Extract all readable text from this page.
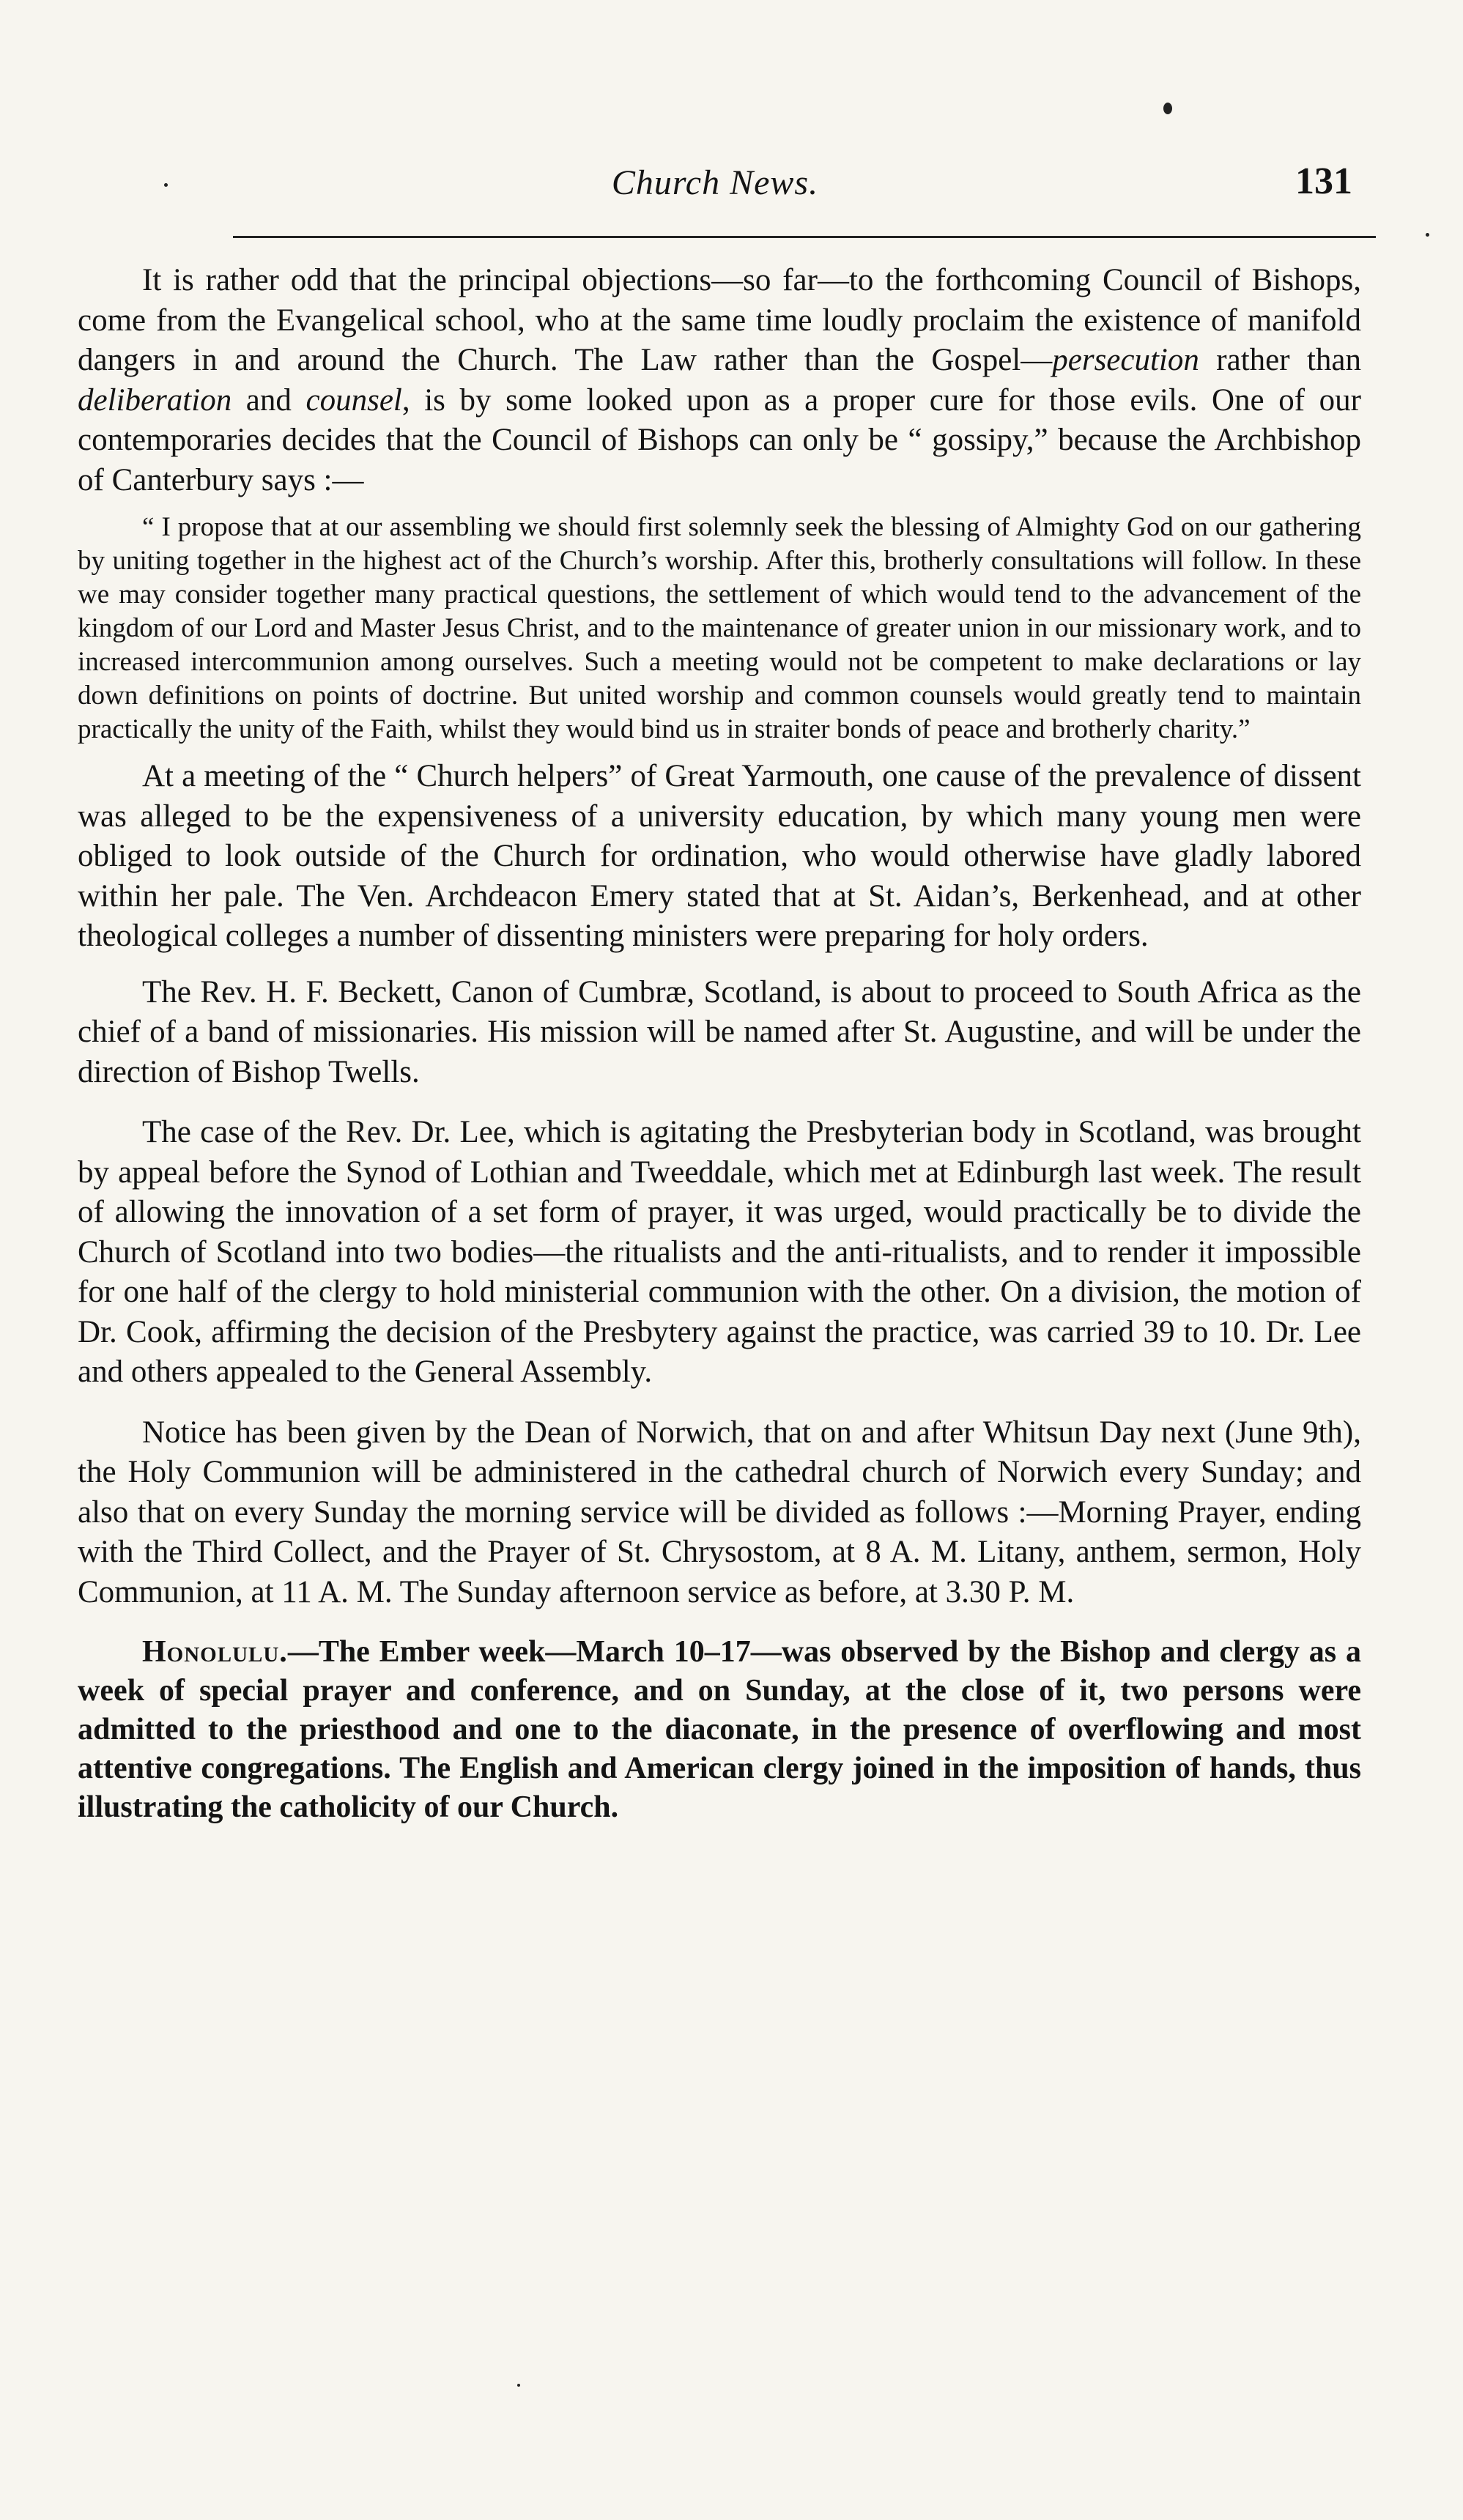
Church News.	131

It is rather odd that the principal objections—so far—to the forthcoming Council of Bishops, come from the Evangelical school, who at the same time loudly proclaim the existence of manifold dangers in and around the Church. The Law rather than the Gospel—persecution rather than deliberation and counsel, is by some looked upon as a proper cure for those evils. One of our contemporaries decides that the Council of Bishops can only be “ gossipy,” because the Archbishop of Canterbury says :—

“ I propose that at our assembling we should first solemnly seek the blessing of Almighty God on our gathering by uniting together in the highest act of the Church’s worship. After this, brotherly consultations will follow. In these we may consider together many practical questions, the settlement of which would tend to the advancement of the kingdom of our Lord and Master Jesus Christ, and to the maintenance of greater union in our missionary work, and to increased intercommunion among ourselves. Such a meeting would not be competent to make declarations or lay down definitions on points of doctrine. But united worship and common counsels would greatly tend to maintain practically the unity of the Faith, whilst they would bind us in straiter bonds of peace and brotherly charity.”

At a meeting of the “ Church helpers” of Great Yarmouth, one cause of the prevalence of dissent was alleged to be the expensiveness of a university education, by which many young men were obliged to look outside of the Church for ordination, who would otherwise have gladly labored within her pale. The Ven. Archdeacon Emery stated that at St. Aidan’s, Berkenhead, and at other theological colleges a number of dissenting ministers were preparing for holy orders.

The Rev. H. F. Beckett, Canon of Cumbræ, Scotland, is about to proceed to South Africa as the chief of a band of missionaries. His mission will be named after St. Augustine, and will be under the direction of Bishop Twells.

The case of the Rev. Dr. Lee, which is agitating the Presbyterian body in Scotland, was brought by appeal before the Synod of Lothian and Tweeddale, which met at Edinburgh last week. The result of allowing the innovation of a set form of prayer, it was urged, would practically be to divide the Church of Scotland into two bodies—the ritualists and the anti-ritualists, and to render it impossible for one half of the clergy to hold ministerial communion with the other. On a division, the motion of Dr. Cook, affirming the decision of the Presbytery against the practice, was carried 39 to 10. Dr. Lee and others appealed to the General Assembly.

Notice has been given by the Dean of Norwich, that on and after Whitsun Day next (June 9th), the Holy Communion will be administered in the cathedral church of Norwich every Sunday; and also that on every Sunday the morning service will be divided as follows :—Morning Prayer, ending with the Third Collect, and the Prayer of St. Chrysostom, at 8 A. M. Litany, anthem, sermon, Holy Communion, at 11 A. M. The Sunday afternoon service as before, at 3.30 P. M.

Honolulu.—The Ember week—March 10–17—was observed by the Bishop and clergy as a week of special prayer and conference, and on Sunday, at the close of it, two persons were admitted to the priesthood and one to the diaconate, in the presence of overflowing and most attentive congregations. The English and American clergy joined in the imposition of hands, thus illustrating the catholicity of our Church.
